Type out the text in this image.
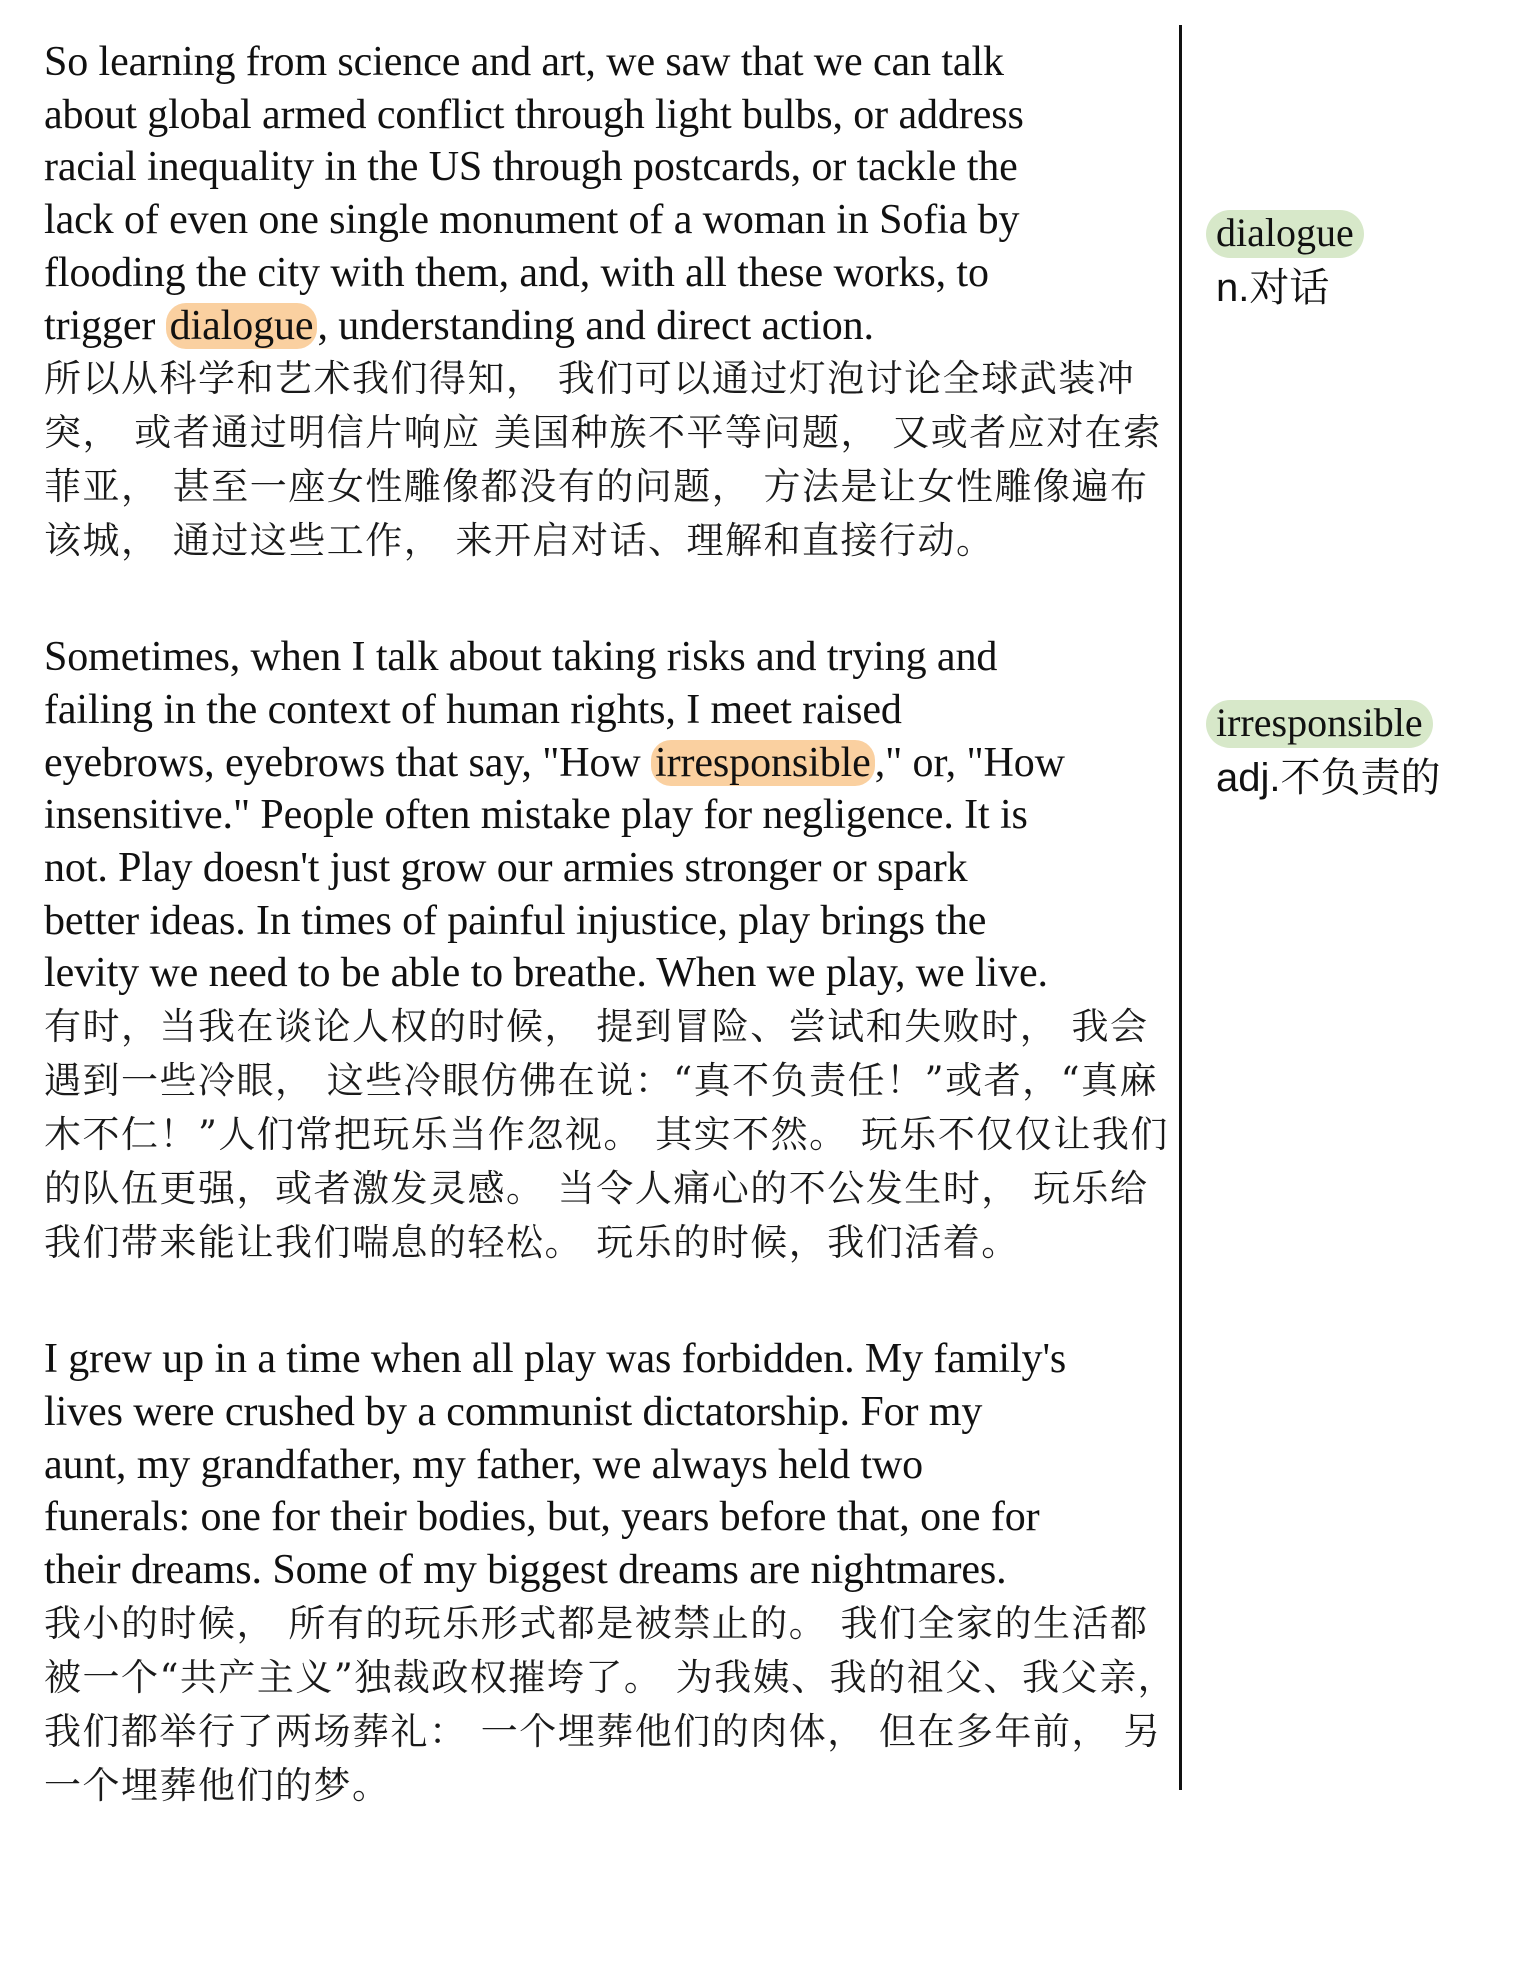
So learning from science and art, we saw that we can talk
about global armed conflict through light bulbs, or address
racial inequality in the US through postcards, or tackle the
lack of even one single monument of a woman in Sofia by
flooding the city with them, and, with all these works, to
trigger dialogue, understanding and direct action.
所以从科学和艺术我们得知， 我们可以通过灯泡讨论全球武装冲
突， 或者通过明信片响应 美国种族不平等问题， 又或者应对在索
菲亚， 甚至一座女性雕像都没有的问题， 方法是让女性雕像遍布
该城， 通过这些工作， 来开启对话、理解和直接行动。
Sometimes, when I talk about taking risks and trying and
failing in the context of human rights, I meet raised
eyebrows, eyebrows that say, "How irresponsible," or, "How
insensitive." People often mistake play for negligence. It is
not. Play doesn't just grow our armies stronger or spark
better ideas. In times of painful injustice, play brings the
levity we need to be able to breathe. When we play, we live.
有时，当我在谈论人权的时候， 提到冒险、尝试和失败时， 我会
遇到一些冷眼， 这些冷眼仿佛在说：“真不负责任！”或者，“真麻
木不仁！”人们常把玩乐当作忽视。 其实不然。 玩乐不仅仅让我们
的队伍更强，或者激发灵感。 当令人痛心的不公发生时， 玩乐给
我们带来能让我们喘息的轻松。 玩乐的时候，我们活着。
I grew up in a time when all play was forbidden. My family's
lives were crushed by a communist dictatorship. For my
aunt, my grandfather, my father, we always held two
funerals: one for their bodies, but, years before that, one for
their dreams. Some of my biggest dreams are nightmares.
我小的时候， 所有的玩乐形式都是被禁止的。 我们全家的生活都
被一个“共产主义”独裁政权摧垮了。 为我姨、我的祖父、我父亲，
我们都举行了两场葬礼： 一个埋葬他们的肉体， 但在多年前， 另
一个埋葬他们的梦。
dialogue
n.对话
irresponsible
adj.不负责的
